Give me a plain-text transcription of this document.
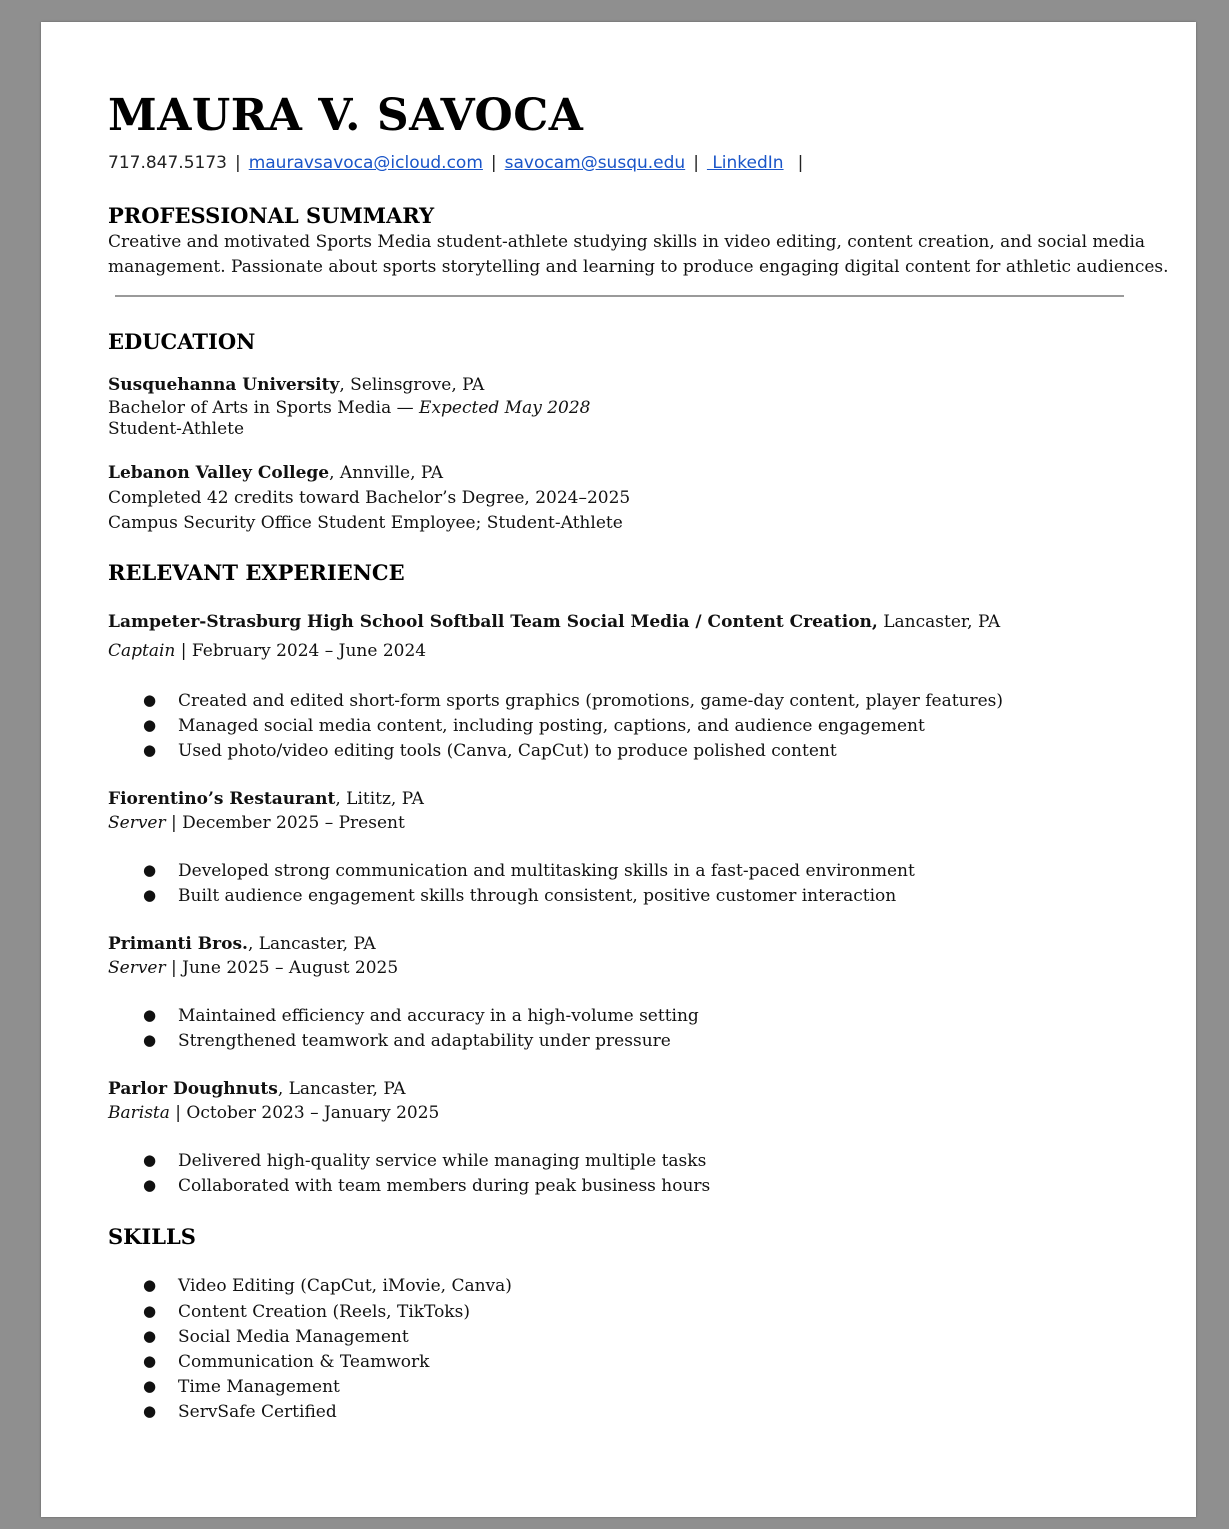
MAURA V. SAVOCA
717.847.5173 | mauravsavoca@icloud.com | savocam@susqu.edu | LinkedIn |
PROFESSIONAL SUMMARY
Creative and motivated Sports Media student-athlete studying skills in video editing, content creation, and social media
management. Passionate about sports storytelling and learning to produce engaging digital content for athletic audiences.
EDUCATION
Susquehanna University, Selinsgrove, PA
Bachelor of Arts in Sports Media — Expected May 2028
Student-Athlete
Lebanon Valley College, Annville, PA
Completed 42 credits toward Bachelor’s Degree, 2024–2025
Campus Security Office Student Employee; Student-Athlete
RELEVANT EXPERIENCE
Lampeter-Strasburg High School Softball Team Social Media / Content Creation, Lancaster, PA
Captain | February 2024 – June 2024
● Created and edited short-form sports graphics (promotions, game-day content, player features)
● Managed social media content, including posting, captions, and audience engagement
● Used photo/video editing tools (Canva, CapCut) to produce polished content
Fiorentino’s Restaurant, Lititz, PA
Server | December 2025 – Present
● Developed strong communication and multitasking skills in a fast-paced environment
● Built audience engagement skills through consistent, positive customer interaction
Primanti Bros., Lancaster, PA
Server | June 2025 – August 2025
● Maintained efficiency and accuracy in a high-volume setting
● Strengthened teamwork and adaptability under pressure
Parlor Doughnuts, Lancaster, PA
Barista | October 2023 – January 2025
● Delivered high-quality service while managing multiple tasks
● Collaborated with team members during peak business hours
SKILLS
● Video Editing (CapCut, iMovie, Canva)
● Content Creation (Reels, TikToks)
● Social Media Management
● Communication & Teamwork
● Time Management
● ServSafe Certified
